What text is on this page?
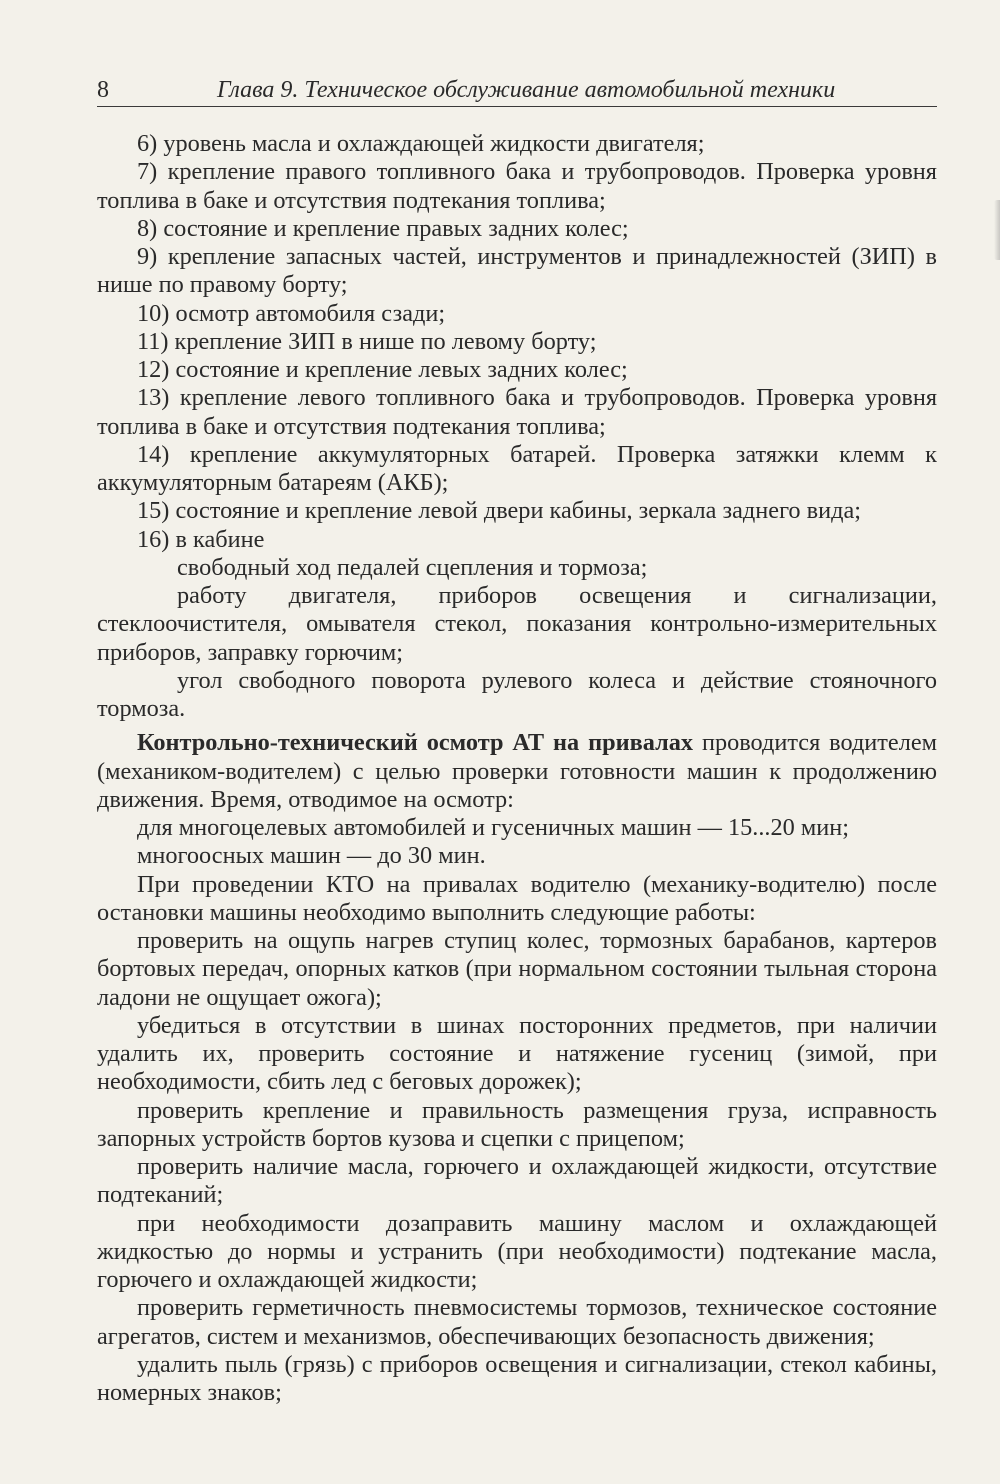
8	Глава 9. Техническое обслуживание автомобильной техники

6) уровень масла и охлаждающей жидкости двигателя;

7) крепление правого топливного бака и трубопроводов. Проверка уровня топлива в баке и отсутствия подтекания топлива;

8) состояние и крепление правых задних колес;

9) крепление запасных частей, инструментов и принадлежностей (ЗИП) в нише по правому борту;

10) осмотр автомобиля сзади;

11) крепление ЗИП в нише по левому борту;

12) состояние и крепление левых задних колес;

13) крепление левого топливного бака и трубопроводов. Проверка уровня топлива в баке и отсутствия подтекания топлива;

14) крепление аккумуляторных батарей. Проверка затяжки клемм к аккумуляторным батареям (АКБ);

15) состояние и крепление левой двери кабины, зеркала заднего вида;

16) в кабине

свободный ход педалей сцепления и тормоза;

работу двигателя, приборов освещения и сигнализации, стеклоочистителя, омывателя стекол, показания контрольно-измерительных приборов, заправку горючим;

угол свободного поворота рулевого колеса и действие стояночного тормоза.

Контрольно-технический осмотр АТ на привалах проводится водителем (механиком-водителем) с целью проверки готовности машин к продолжению движения. Время, отводимое на осмотр:

для многоцелевых автомобилей и гусеничных машин — 15...20 мин;

многоосных машин — до 30 мин.

При проведении КТО на привалах водителю (механику-водителю) после остановки машины необходимо выполнить следующие работы:

проверить на ощупь нагрев ступиц колес, тормозных барабанов, картеров бортовых передач, опорных катков (при нормальном состоянии тыльная сторона ладони не ощущает ожога);

убедиться в отсутствии в шинах посторонних предметов, при наличии удалить их, проверить состояние и натяжение гусениц (зимой, при необходимости, сбить лед с беговых дорожек);

проверить крепление и правильность размещения груза, исправность запорных устройств бортов кузова и сцепки с прицепом;

проверить наличие масла, горючего и охлаждающей жидкости, отсутствие подтеканий;

при необходимости дозаправить машину маслом и охлаждающей жидкостью до нормы и устранить (при необходимости) подтекание масла, горючего и охлаждающей жидкости;

проверить герметичность пневмосистемы тормозов, техническое состояние агрегатов, систем и механизмов, обеспечивающих безопасность движения;

удалить пыль (грязь) с приборов освещения и сигнализации, стекол кабины, номерных знаков;
